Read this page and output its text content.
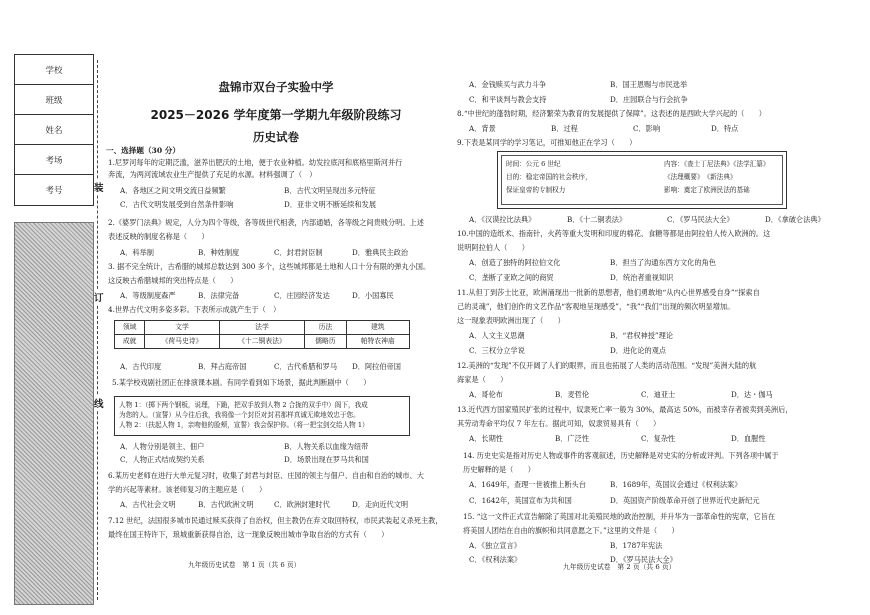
学校
班级
姓名
考场
考号	装
订
线
盘锦市双台子实验中学
2025－2026 学年度第一学期九年级阶段练习
历史试卷
一、选择题（30 分）
1.尼罗河每年的定期泛滥，滋养出肥沃的土地，便于农业种植。幼发拉底河和底格里斯河并行
奔流，为两河流域农业生产提供了充足的水源。材料强调了（　）
A．各地区之间文明交流日益频繁	B．古代文明呈现出多元特征
C．古代文明发展受到自然条件影响	D．亚非文明不断延续和发展
2.《婆罗门法典》规定，人分为四个等级，各等级世代相袭，内部通婚，各等级之间贵贱分明。上述
表述反映的制度名称是（　　）
A．科举制	B．种姓制度	C．封君封臣制	D．雅典民主政治
3. 据不完全统计，古希腊的城邦总数达到 300 多个，这些城邦都是土地和人口十分有限的弹丸小国。
这反映古希腊城邦的突出特点是（　　）
A．等级制度森严	B．法律完备	C．庄园经济发达	D．小国寡民
4.世界古代文明多姿多彩。下表所示成就产生于（　）
领域	文学	法学	历法	建筑
成就	《荷马史诗》	《十二铜表法》	儒略历	帕特农神庙
A．古代印度	B．拜占庭帝国	C．古代希腊和罗马 D．阿拉伯帝国
5.某学校戏剧社团正在排演课本剧。有同学看到如下场景，据此判断剧中（　　）
人物 1：（掷下两个钢板，说理，下跪，把双手放到人物 2 合拢的双手中）阁下，我成
为您的人。（宣誓）从今往后我，我将像一个封臣对封君那样真诚无欺地效忠于您。
人物 2：（扶起人物 1，亲吻他的脸颊，宣誓）我会保护你。（将一把宝剑交给人物 1）
A．人物分别是领主、佃户	B．人物关系以血缘为纽带
C．人物正式结成契约关系	D．场景出现在罗马共和国
6.某历史老师在进行大单元复习时，收集了封君与封臣、庄园的领主与佃户、自由和自治的城市、大
学的兴起等素材。该老师复习的主题应是（　　）
A．古代社会文明	B．古代欧洲文明	C．欧洲封建时代	D．走向近代文明
7.12 世纪，法国很多城市民通过赎买获得了自治权，但主教仍在弃文取回特权，市民武装起义杀死主教，
最终在国王特许下，琅城重新获得自治，这一现象反映出城市争取自治的方式有（　　）
九年级历史试卷　第 1 页（共 6 页）
A．金钱赎买与武力斗争	B．国王恩赐与市民选举
C．和平谈判与教会支持	D．庄园联合与行会抗争
8.“中世纪的蓬勃时期，经济繁荣为教育的发展提供了保障”。这表述的是西欧大学兴起的（　　）
A．背景	B．过程	C．影响	D．特点
9.下表是某同学的学习笔记，可推知他正在学习（　　）
时间：公元 6 世纪
目的：稳定帝国的社会秩序，
保证皇帝的专制权力
内容：《查士丁尼法典》《法学汇纂》
《法理概要》　《新法典》
影响：奠定了欧洲民法的基础
A．《汉谟拉比法典》	B．《十二铜表法》	C．《罗马民法大全》	D．《拿破仑法典》
10.中国的造纸术、指南针，火药等重大发明和印度的棉花、食糖等都是由阿拉伯人传入欧洲的。这
说明阿拉伯人（　　）
A．创造了独特的阿拉伯文化	B．担当了沟通东西方文化的角色
C．垄断了亚欧之间的商贸	D．统治者重视知识
11.从但丁到莎士比亚，欧洲涌现出一批新的思想者，他们勇敢地“从内心世界感受自身”“探索自
己的灵魂”，他们创作的文艺作品“客观地呈现感受”，“我”“我们”出现的频次明显增加。
这一现象表明欧洲出现了（　　）
A．人文主义思潮	B．“君权神授”理论
C．三权分立学说	D．进化论的观点
12.美洲的“发现”不仅开阔了人们的眼界，而且也拓展了人类的活动范围。“发现”美洲大陆的航
海家是（　　）
A．哥伦布	B．麦哲伦	C．迪亚士	D．达・伽马
13.近代西方国家殖民扩张的过程中，奴隶死亡率一般为 30%，最高达 50%，而被幸存者被卖到美洲后，
其劳动寿命平均仅 7 年左右。据此可知，奴隶贸易具有（　　）
A．长期性	B．广泛性	C．复杂性	D．血腥性
14. 历史史实是指对历史人物或事件的客观叙述，历史解释是对史实的分析或评判。下列各项中属于
历史解释的是（　　）
A．1649年，查理一世被推上断头台	B．1689年，英国议会通过《权利法案》
C．1642年，英国宣布为共和国	D．英国资产阶级革命开创了世界近代史新纪元
15. “这一文件正式宣告解除了英国对北美殖民地的政治控制，并升华为一部革命性的宪章，它旨在
将美国人团结在自由的旗帜和共同意愿之下。”这里的文件是（　　）
A．《独立宣言》	B．1787年宪法
C．《权利法案》	D．《罗马民法大全》
九年级历史试卷　第 2 页（共 6 页）
